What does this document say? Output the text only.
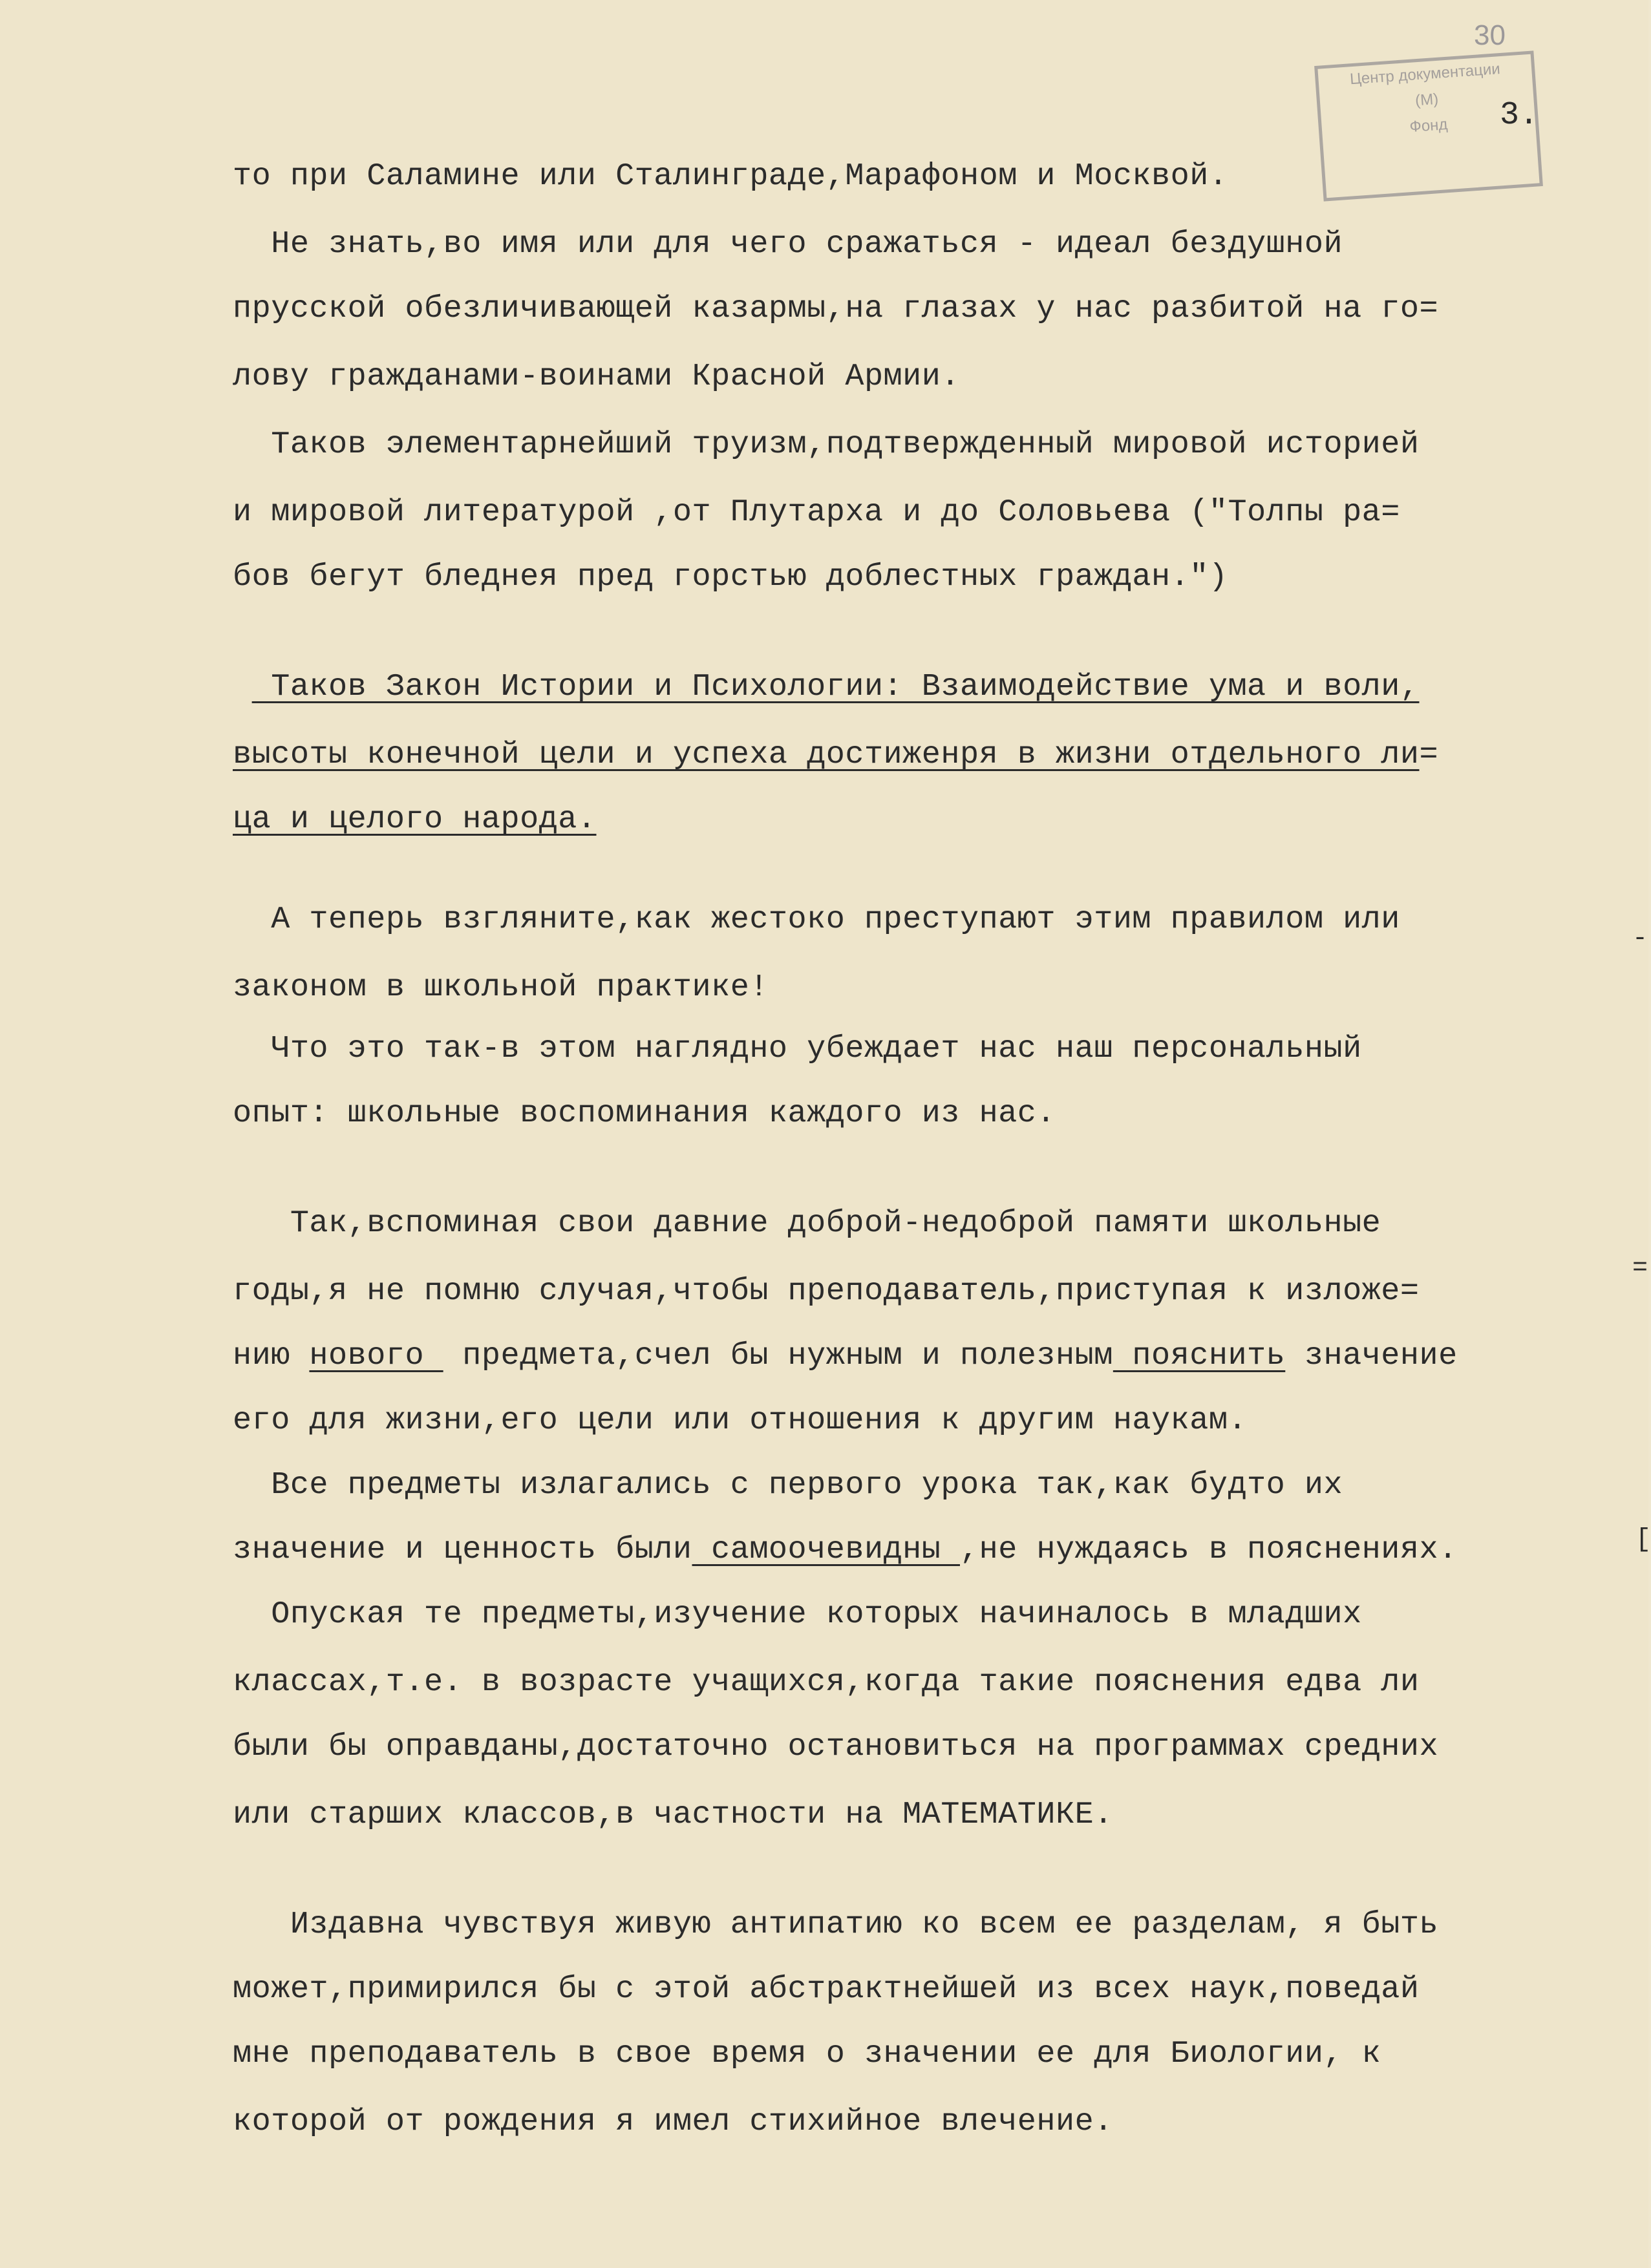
30
Центр документации
(М)
Фонд	3.
то при Саламине или Сталинграде,Марафоном и Москвой.
Не знать,во имя или для чего сражаться - идеал бездушной
прусской обезличивающей казармы,на глазах у нас разбитой на го=
лову гражданами-воинами Красной Армии.
Таков элементарнейший труизм,подтвержденный мировой историей
и мировой литературой ,от Плутарха и до Соловьева ("Толпы ра=
бов бегут бледнея пред горстью доблестных граждан.")
Таков Закон Истории и Психологии: Взаимодействие ума и воли,
высоты конечной цели и успеха достиженря в жизни отдельного ли=
ца и целого народа.
А теперь взгляните,как жестоко преступают этим правилом или
законом в школьной практике!
Что это так-в этом наглядно убеждает нас наш персональный
опыт: школьные воспоминания каждого из нас.
Так,вспоминая свои давние доброй-недоброй памяти школьные
годы,я не помню случая,чтобы преподаватель,приступая к изложе=
нию нового  предмета,счел бы нужным и полезным пояснить значение
его для жизни,его цели или отношения к другим наукам.
Все предметы излагались с первого урока так,как будто их
значение и ценность были самоочевидны ,не нуждаясь в пояснениях.
Опуская те предметы,изучение которых начиналось в младших
классах,т.е. в возрасте учащихся,когда такие пояснения едва ли
были бы оправданы,достаточно остановиться на программах средних
или старших классов,в частности на МАТЕМАТИКЕ.
Издавна чувствуя живую антипатию ко всем ее разделам, я быть
может,примирился бы с этой абстрактнейшей из всех наук,поведай
мне преподаватель в свое время о значении ее для Биологии, к
которой от рождения я имел стихийное влечение.
-
=
[
